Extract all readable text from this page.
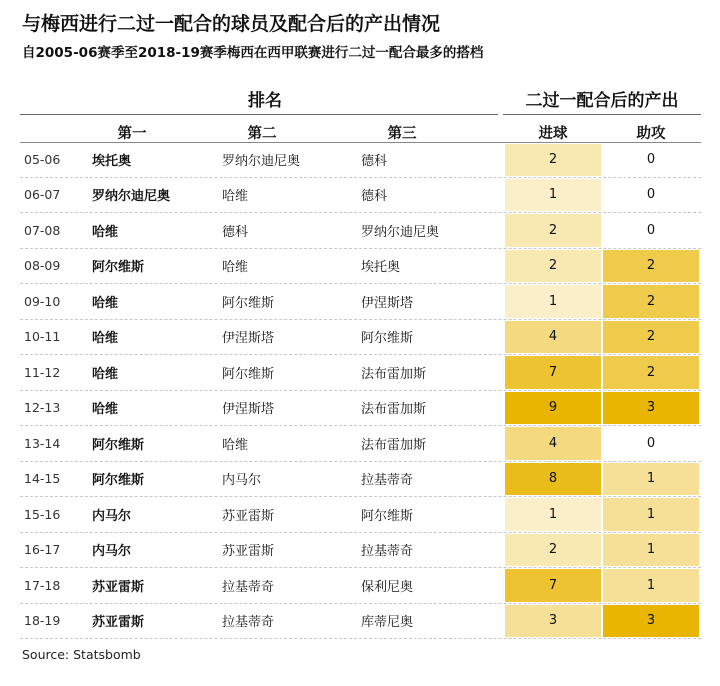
与梅西进行二过一配合的球员及配合后的产出情况
自2005-06赛季至2018-19赛季梅西在西甲联赛进行二过一配合最多的搭档
排名	二过一配合后的产出
第一	第二	第三	进球	助攻
05-06 埃托奥	罗纳尔迪尼奥	德科	2	0
06-07 罗纳尔迪尼奥	哈维	德科	1	0
07-08 哈维	德科	罗纳尔迪尼奥	2	0
08-09 阿尔维斯	哈维	埃托奥	2	2
09-10 哈维	阿尔维斯	伊涅斯塔	1	2
10-11 哈维	伊涅斯塔	阿尔维斯	4	2
11-12 哈维	阿尔维斯	法布雷加斯	7	2
12-13 哈维	伊涅斯塔	法布雷加斯	9	3
13-14 阿尔维斯	哈维	法布雷加斯	4	0
14-15 阿尔维斯	内马尔	拉基蒂奇	8	1
15-16 内马尔	苏亚雷斯	阿尔维斯	1	1
16-17 内马尔	苏亚雷斯	拉基蒂奇	2	1
17-18 苏亚雷斯	拉基蒂奇	保利尼奥	7	1
18-19 苏亚雷斯	拉基蒂奇	库蒂尼奥	3	3
Source: Statsbomb
